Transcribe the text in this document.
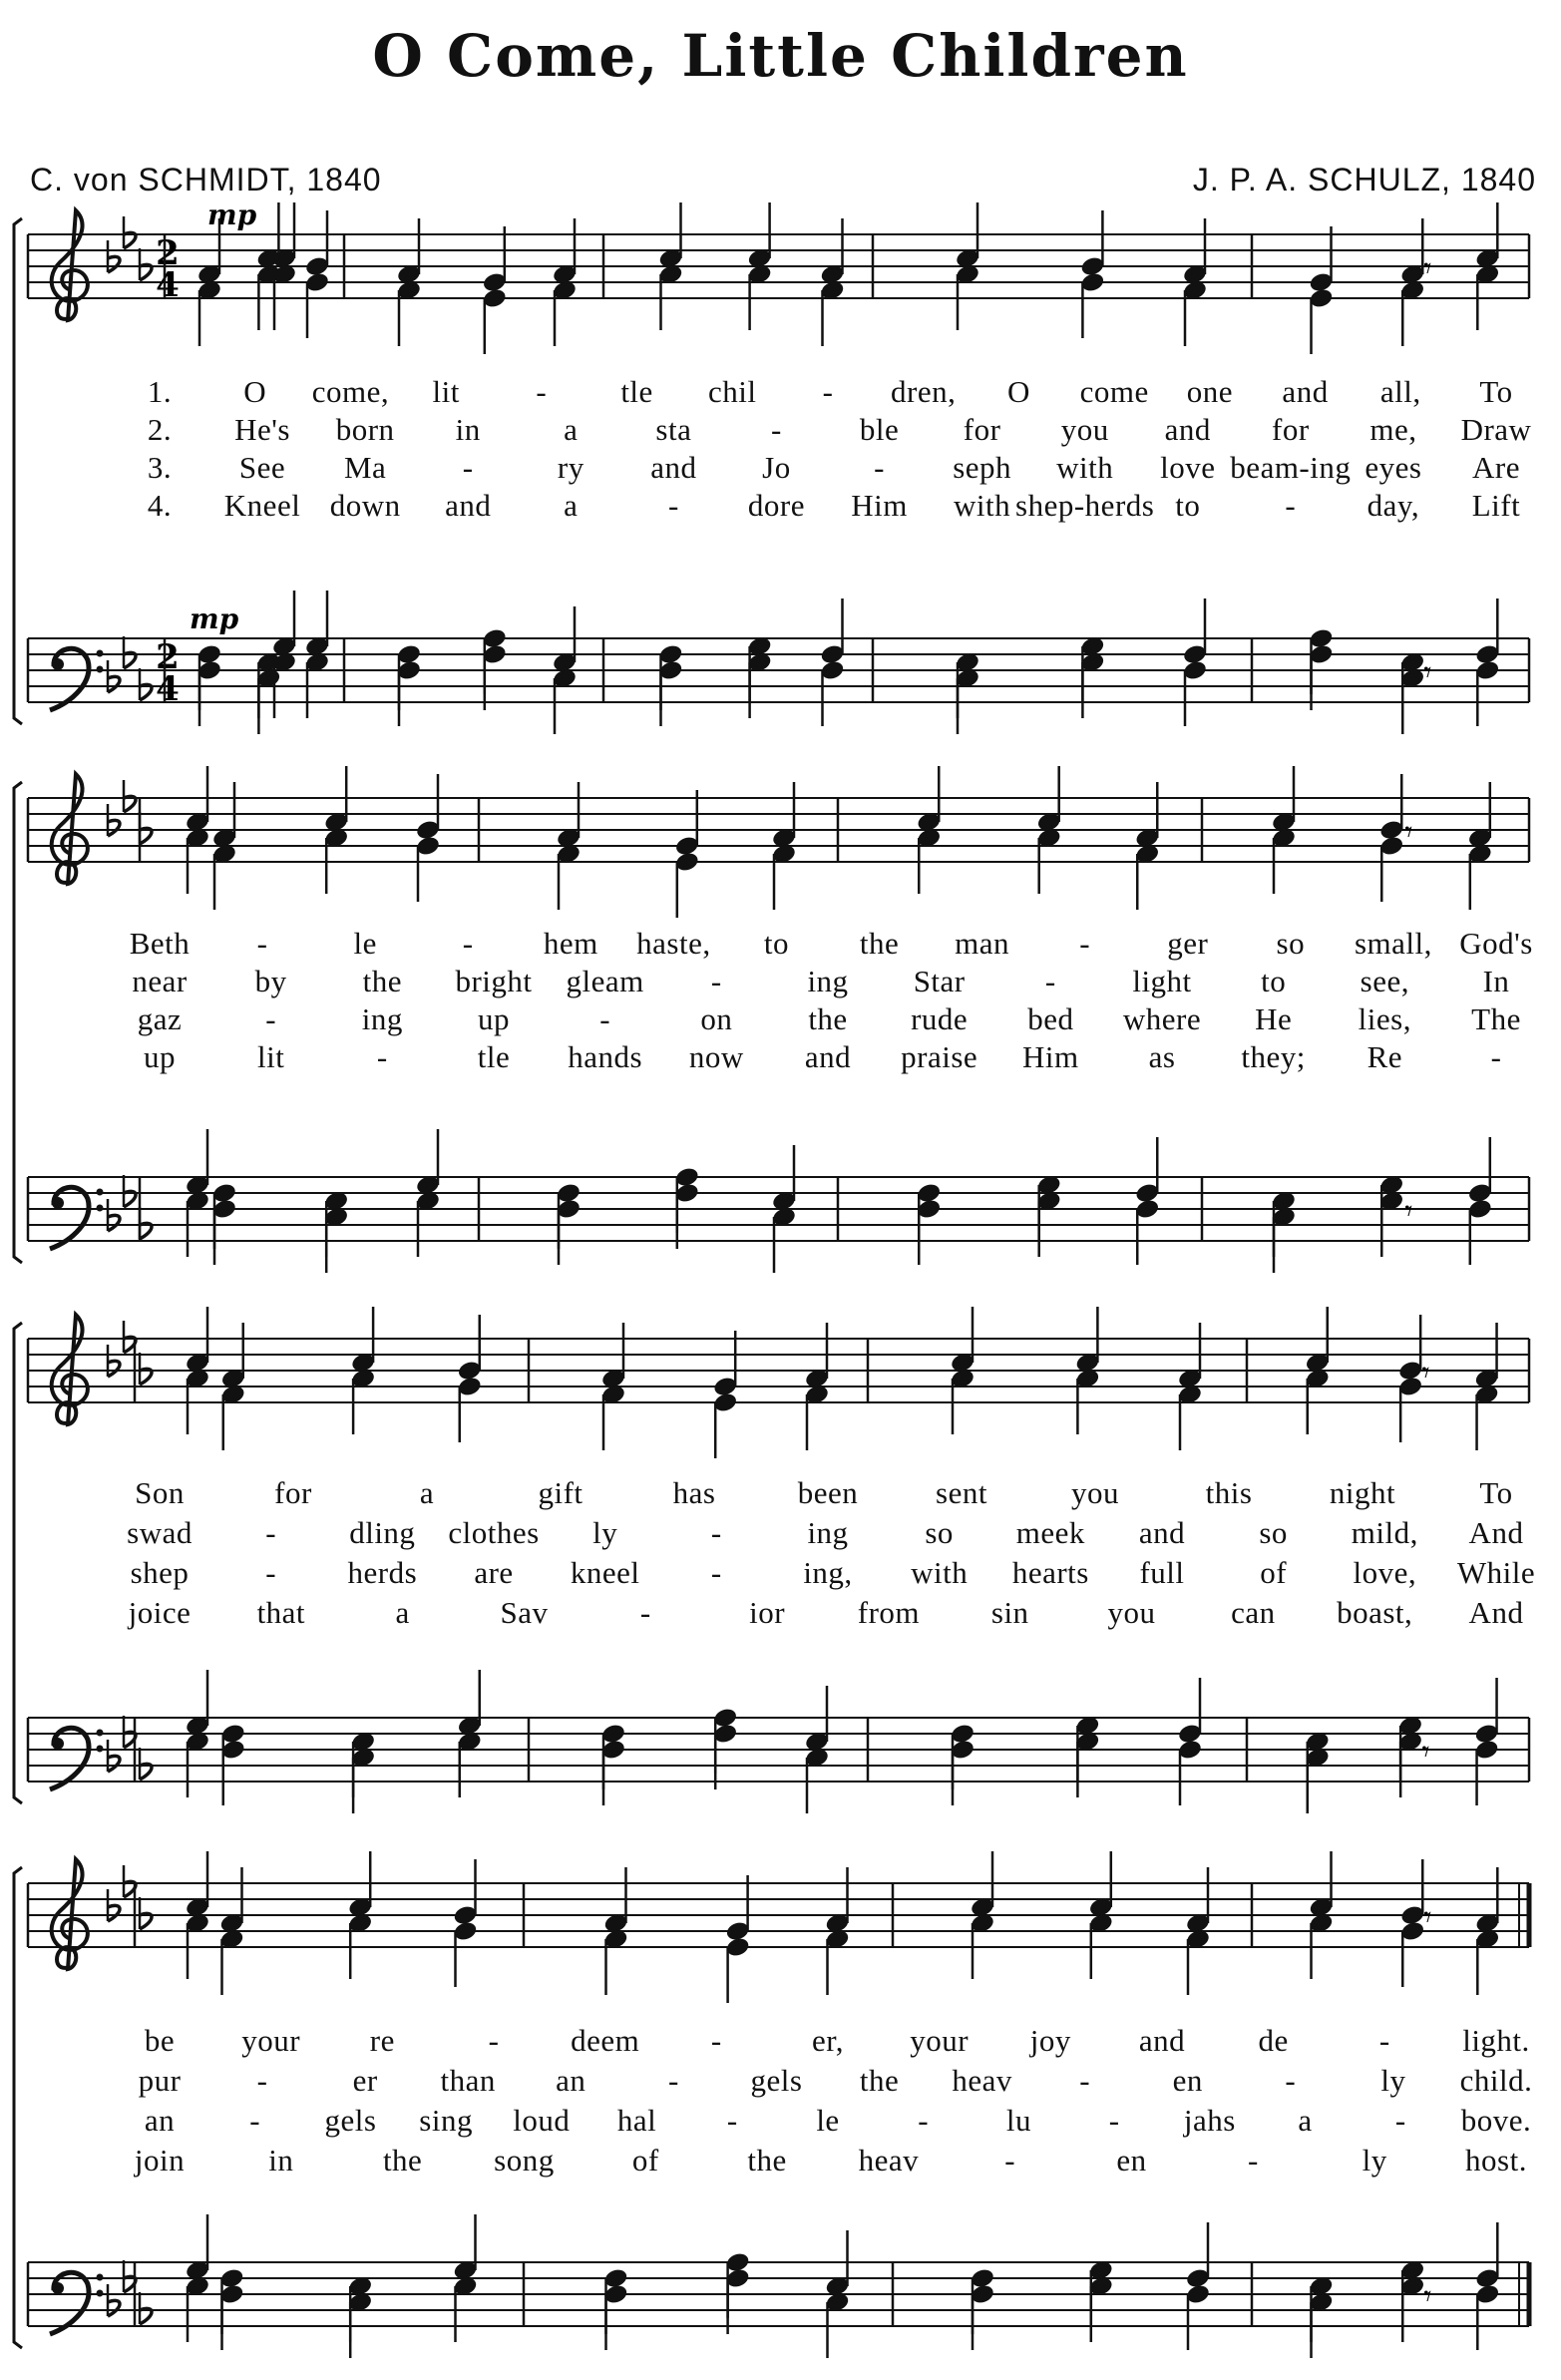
O Come, Little Children
C. von SCHMIDT, 1840	J. P. A. SCHULZ, 1840
2
2
4
4
mp
mp
𝄾
𝄾
𝄾
𝄾
𝄾
𝄾
𝄾
𝄾
1. O come, lit - tle chil - dren, O come one and all, To
2. He's born in	a	sta	-	ble for you and for me, Draw
3. See Ma -	ry and Jo	- seph with love beam-ing eyes Are
4. Kneel down and a	- dore Him with shep-herds to	- day, Lift
Beth -	le	- hem haste, to the man - ger so small, God's
near by the bright gleam -	ing Star	- light to see, In
gaz	-	ing up	-	on the rude bed where He lies, The
up	lit	-	tle hands now and praise Him as they; Re	-
Son	for	a	gift	has	been	sent	you	this night	To
swad - dling clothes ly	-	ing so meek and so mild, And
shep - herds are kneel -	ing, with hearts full of love, While
joice that	a	Sav	-	ior from sin	you can boast, And
be your re	- deem -	er, your joy and de	- light.
pur -	er than an	- gels the heav -	en	-	ly child.
an - gels sing loud hal -	le	-	lu	- jahs a	- bove.
join	in	the song	of	the heav	-	en	-	ly	host.
